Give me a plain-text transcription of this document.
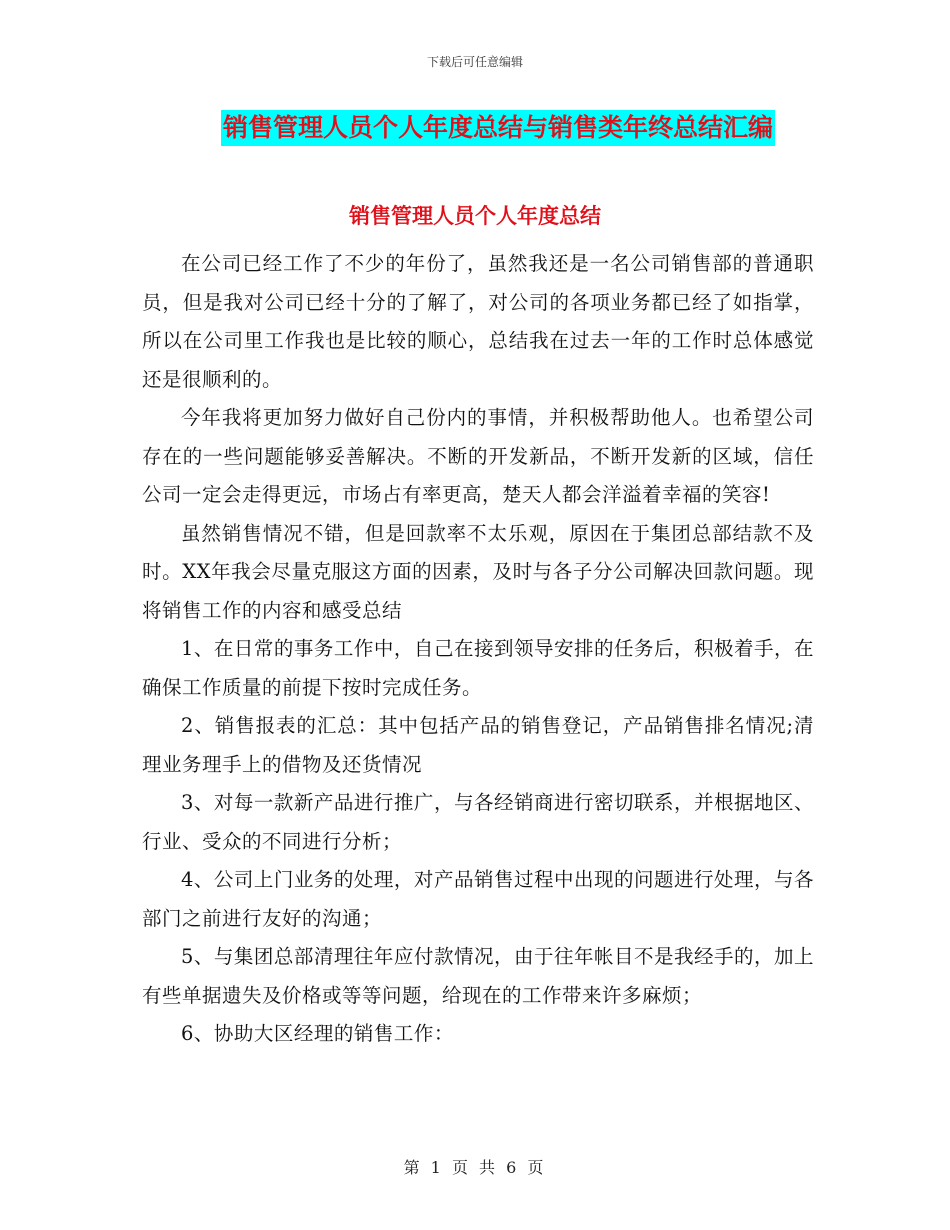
下载后可任意编辑
销售管理人员个人年度总结与销售类年终总结汇编
销售管理人员个人年度总结

在公司已经工作了不少的年份了，虽然我还是一名公司销售部的普通职员，但是我对公司已经十分的了解了，对公司的各项业务都已经了如指掌，所以在公司里工作我也是比较的顺心，总结我在过去一年的工作时总体感觉还是很顺利的。

今年我将更加努力做好自己份内的事情，并积极帮助他人。也希望公司存在的一些问题能够妥善解决。不断的开发新品，不断开发新的区域，信任公司一定会走得更远，市场占有率更高，楚天人都会洋溢着幸福的笑容!

虽然销售情况不错，但是回款率不太乐观，原因在于集团总部结款不及时。XX年我会尽量克服这方面的因素，及时与各子分公司解决回款问题。现将销售工作的内容和感受总结

1、在日常的事务工作中，自己在接到领导安排的任务后，积极着手，在确保工作质量的前提下按时完成任务。

2、销售报表的汇总：其中包括产品的销售登记，产品销售排名情况;清理业务理手上的借物及还货情况

3、对每一款新产品进行推广，与各经销商进行密切联系，并根据地区、行业、受众的不同进行分析；

4、公司上门业务的处理，对产品销售过程中出现的问题进行处理，与各部门之前进行友好的沟通；

5、与集团总部清理往年应付款情况，由于往年帐目不是我经手的，加上有些单据遗失及价格或等等问题，给现在的工作带来许多麻烦；

6、协助大区经理的销售工作：

第 1 页 共 6 页
